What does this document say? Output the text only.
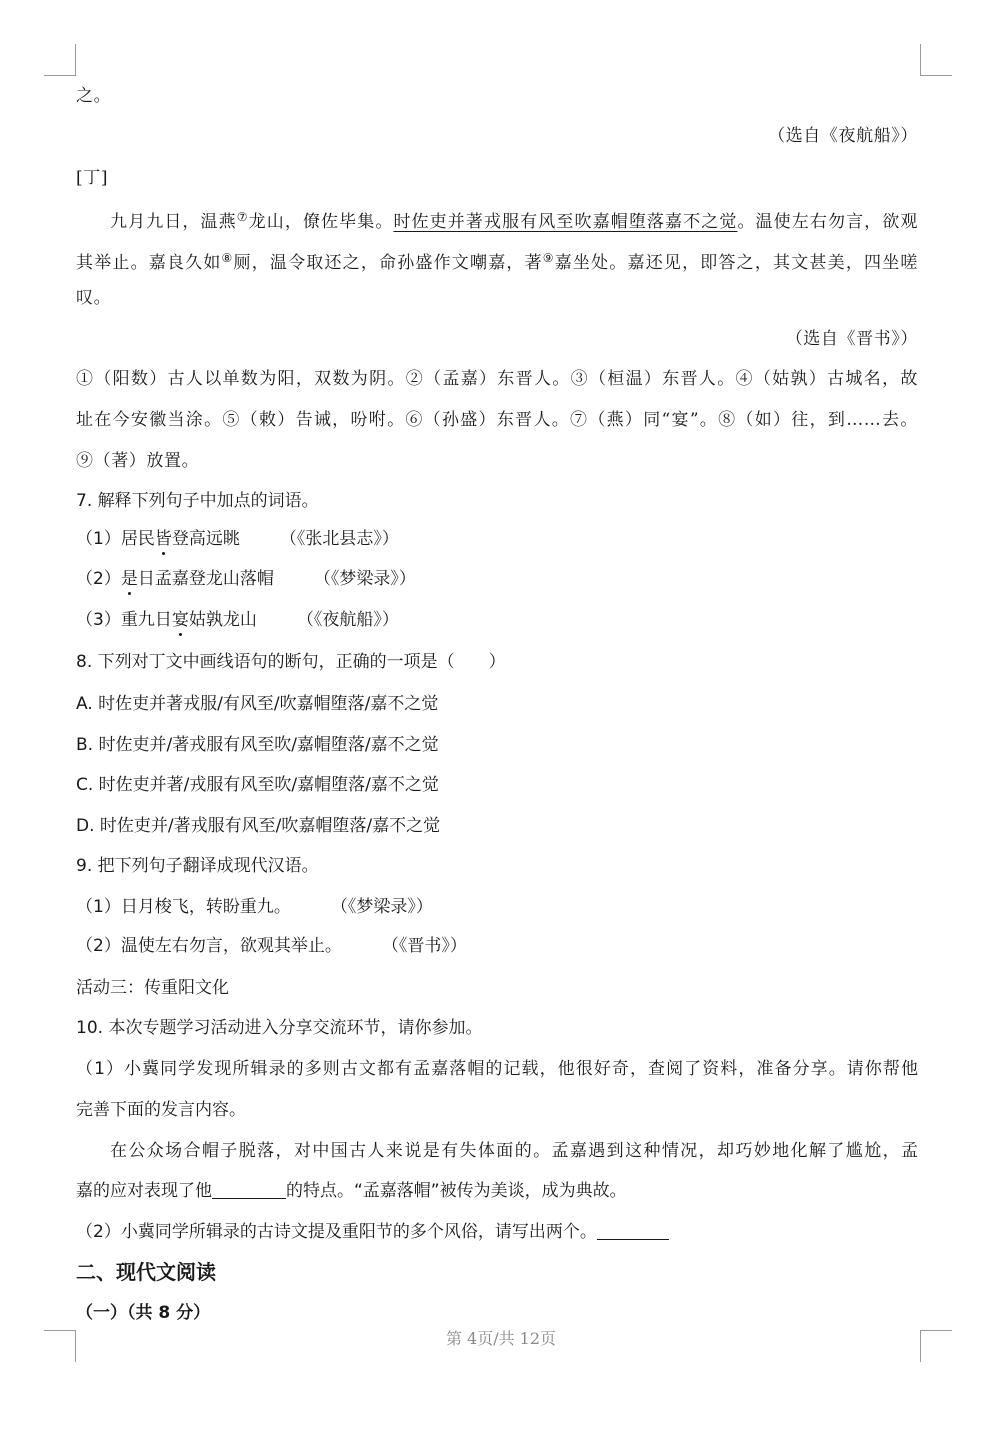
之。
（选自《夜航船》）
[丁]
九月九日，温燕⑦龙山，僚佐毕集。时佐吏并著戎服有风至吹嘉帽堕落嘉不之觉。温使左右勿言，欲观
其举止。嘉良久如⑧厕，温令取还之，命孙盛作文嘲嘉，著⑨嘉坐处。嘉还见，即答之，其文甚美，四坐嗟
叹。
（选自《晋书》）
①（阳数）古人以单数为阳，双数为阴。②（孟嘉）东晋人。③（桓温）东晋人。④（姑孰）古城名，故
址在今安徽当涂。⑤（敕）告诫，吩咐。⑥（孙盛）东晋人。⑦（燕）同“宴”。⑧（如）往，到……去。
⑨（著）放置。
7. 解释下列句子中加点的词语。
（1）居民皆登高远眺 （《张北县志》）
（2）是日孟嘉登龙山落帽 （《梦梁录》）
（3）重九日宴姑孰龙山 （《夜航船》）
8. 下列对丁文中画线语句的断句，正确的一项是（　　）
A. 时佐吏并著戎服/有风至/吹嘉帽堕落/嘉不之觉
B. 时佐吏并/著戎服有风至吹/嘉帽堕落/嘉不之觉
C. 时佐吏并著/戎服有风至吹/嘉帽堕落/嘉不之觉
D. 时佐吏并/著戎服有风至/吹嘉帽堕落/嘉不之觉
9. 把下列句子翻译成现代汉语。
（1）日月梭飞，转盼重九。 （《梦梁录》）
（2）温使左右勿言，欲观其举止。 （《晋书》）
活动三：传重阳文化
10. 本次专题学习活动进入分享交流环节，请你参加。
（1）小冀同学发现所辑录的多则古文都有孟嘉落帽的记载，他很好奇，查阅了资料，准备分享。请你帮他
完善下面的发言内容。
在公众场合帽子脱落，对中国古人来说是有失体面的。孟嘉遇到这种情况，却巧妙地化解了尴尬，孟
嘉的应对表现了他	的特点。“孟嘉落帽”被传为美谈，成为典故。
（2）小冀同学所辑录的古诗文提及重阳节的多个风俗，请写出两个。
二、现代文阅读
（一）（共 8 分）
第 4页/共 12页
